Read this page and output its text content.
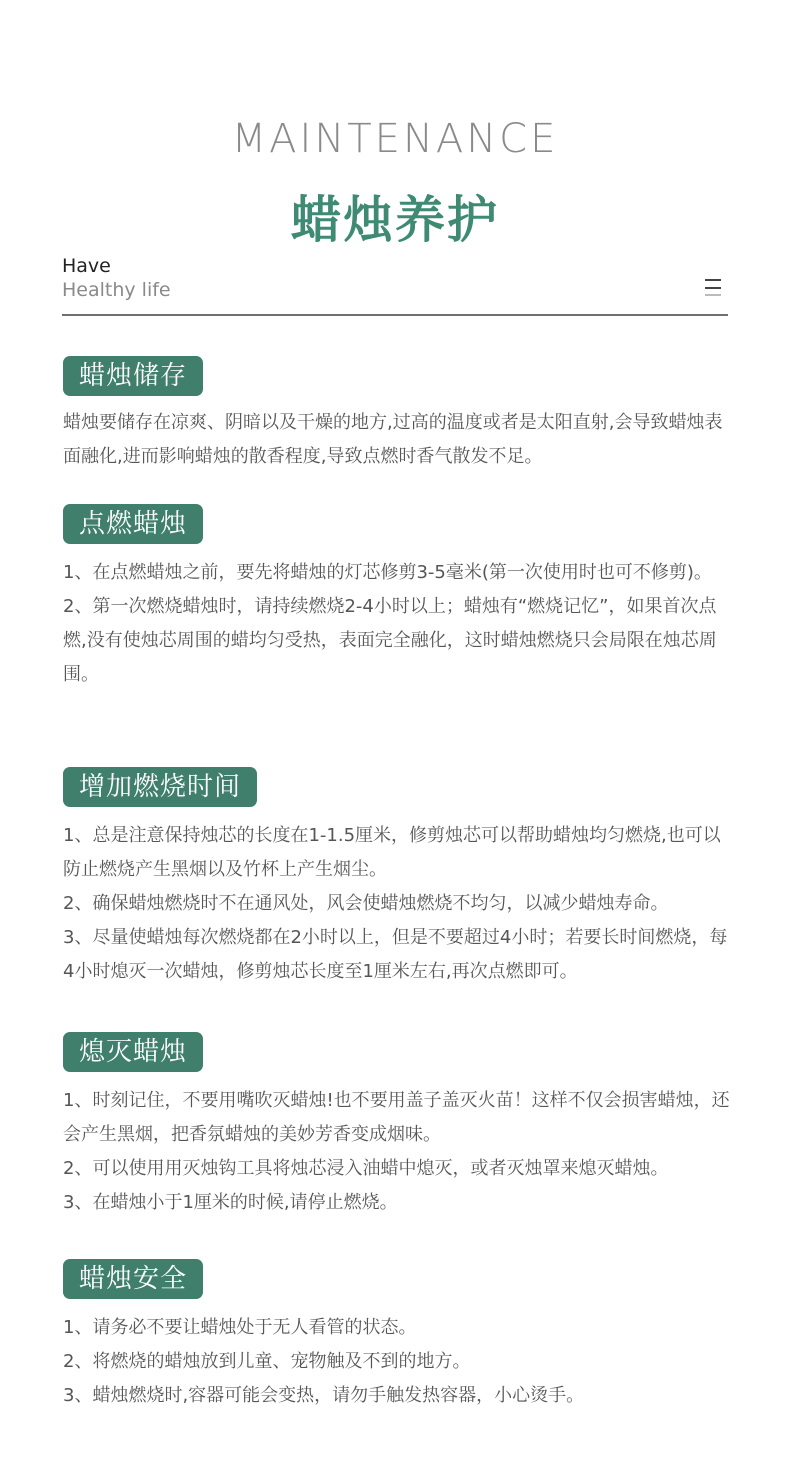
MAINTENANCE
蜡烛养护
Have
Healthy life
蜡烛储存

蜡烛要储存在凉爽、阴暗以及干燥的地方,过高的温度或者是太阳直射,会导致蜡烛表面融化,进而影响蜡烛的散香程度,导致点燃时香气散发不足。

点燃蜡烛

1、在点燃蜡烛之前，要先将蜡烛的灯芯修剪3-5毫米(第一次使用时也可不修剪)。

2、第一次燃烧蜡烛时，请持续燃烧2-4小时以上；蜡烛有“燃烧记忆”，如果首次点燃,没有使烛芯周围的蜡均匀受热，表面完全融化，这时蜡烛燃烧只会局限在烛芯周围。

增加燃烧时间

1、总是注意保持烛芯的长度在1-1.5厘米，修剪烛芯可以帮助蜡烛均匀燃烧,也可以防止燃烧产生黑烟以及竹杯上产生烟尘。

2、确保蜡烛燃烧时不在通风处，风会使蜡烛燃烧不均匀，以减少蜡烛寿命。

3、尽量使蜡烛每次燃烧都在2小时以上，但是不要超过4小时；若要长时间燃烧，每4小时熄灭一次蜡烛，修剪烛芯长度至1厘米左右,再次点燃即可。

熄灭蜡烛

1、时刻记住，不要用嘴吹灭蜡烛!也不要用盖子盖灭火苗！这样不仅会损害蜡烛，还会产生黑烟，把香氛蜡烛的美妙芳香变成烟味。

2、可以使用用灭烛钩工具将烛芯浸入油蜡中熄灭，或者灭烛罩来熄灭蜡烛。

3、在蜡烛小于1厘米的时候,请停止燃烧。

蜡烛安全

1、请务必不要让蜡烛处于无人看管的状态。

2、将燃烧的蜡烛放到儿童、宠物触及不到的地方。

3、蜡烛燃烧时,容器可能会变热，请勿手触发热容器，小心烫手。
